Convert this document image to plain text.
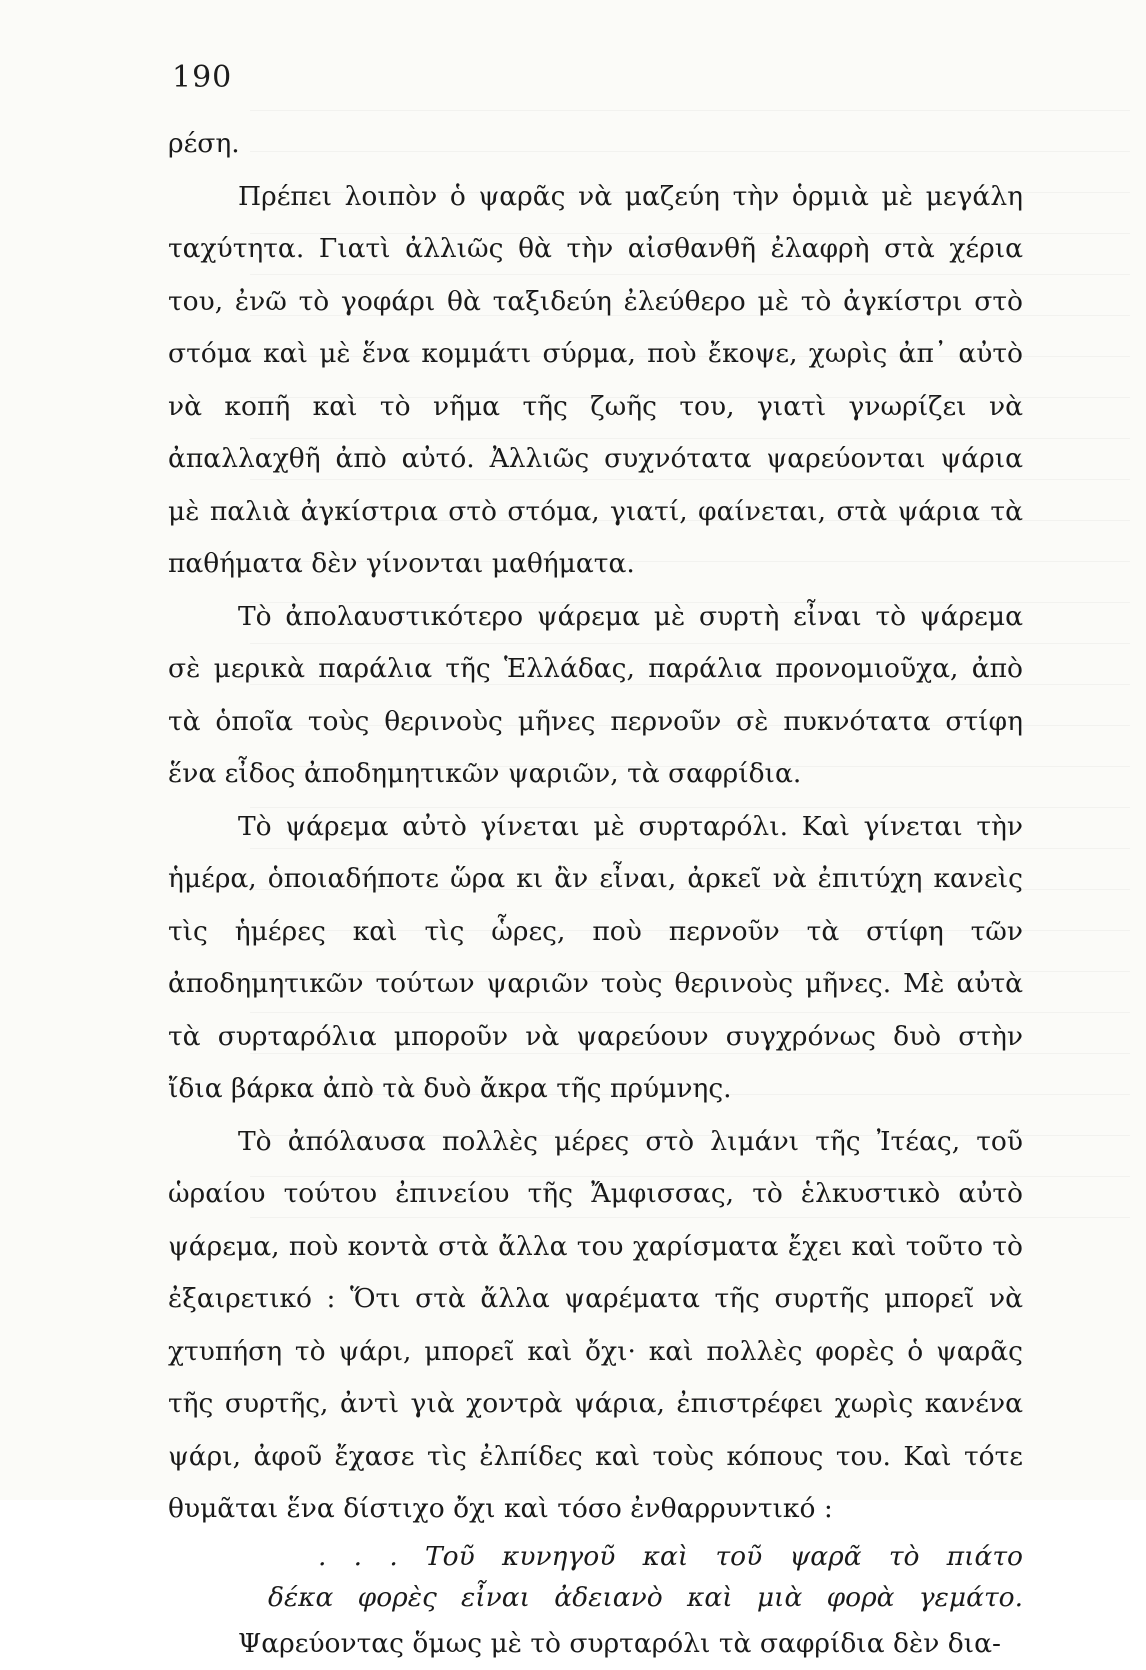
190

ρέση.

Πρέπει λοιπὸν ὁ ψαρᾶς νὰ μαζεύη τὴν ὁρμιὰ μὲ μεγάλη ταχύτητα. Γιατὶ ἀλλιῶς θὰ τὴν αἰσθανθῆ ἐλαφρὴ στὰ χέρια του, ἐνῶ τὸ γοφάρι θὰ ταξιδεύη ἐλεύθερο μὲ τὸ ἀγκίστρι στὸ στόμα καὶ μὲ ἕνα κομμάτι σύρμα, ποὺ ἔκοψε, χωρὶς ἀπ᾽ αὐτὸ νὰ κοπῆ καὶ τὸ νῆμα τῆς ζωῆς του, γιατὶ γνωρίζει νὰ ἀπαλλαχθῆ ἀπὸ αὐτό. Ἀλλιῶς συχνότατα ψαρεύονται ψάρια μὲ παλιὰ ἀγκίστρια στὸ στόμα, γιατί, φαίνεται, στὰ ψάρια τὰ παθήματα δὲν γίνονται μαθήματα.

Τὸ ἀπολαυστικότερο ψάρεμα μὲ συρτὴ εἶναι τὸ ψάρεμα σὲ μερικὰ παράλια τῆς Ἑλλάδας, παράλια προνομιοῦχα, ἀπὸ τὰ ὁποῖα τοὺς θερινοὺς μῆνες περνοῦν σὲ πυκνότατα στίφη ἕνα εἶδος ἀποδημητικῶν ψαριῶν, τὰ σαφρίδια.

Τὸ ψάρεμα αὐτὸ γίνεται μὲ συρταρόλι. Καὶ γίνεται τὴν ἡμέρα, ὁποιαδήποτε ὥρα κι ἂν εἶναι, ἀρκεῖ νὰ ἐπιτύχη κανεὶς τὶς ἡμέρες καὶ τὶς ὧρες, ποὺ περνοῦν τὰ στίφη τῶν ἀποδημητικῶν τούτων ψαριῶν τοὺς θερινοὺς μῆνες. Μὲ αὐτὰ τὰ συρταρόλια μποροῦν νὰ ψαρεύουν συγχρόνως δυὸ στὴν ἴδια βάρκα ἀπὸ τὰ δυὸ ἄκρα τῆς πρύμνης.

Τὸ ἀπόλαυσα πολλὲς μέρες στὸ λιμάνι τῆς Ἰτέας, τοῦ ὡραίου τούτου ἐπινείου τῆς Ἄμφισσας, τὸ ἑλκυστικὸ αὐτὸ ψάρεμα, ποὺ κοντὰ στὰ ἄλλα του χαρίσματα ἔχει καὶ τοῦτο τὸ ἐξαιρετικό : Ὅτι στὰ ἄλλα ψαρέματα τῆς συρτῆς μπορεῖ νὰ χτυπήση τὸ ψάρι, μπορεῖ καὶ ὄχι· καὶ πολλὲς φορὲς ὁ ψαρᾶς τῆς συρτῆς, ἀντὶ γιὰ χοντρὰ ψάρια, ἐπιστρέφει χωρὶς κανένα ψάρι, ἀφοῦ ἔχασε τὶς ἐλπίδες καὶ τοὺς κόπους του. Καὶ τότε θυμᾶται ἕνα δίστιχο ὄχι καὶ τόσο ἐνθαρρυντικό :

. . . Τοῦ κυνηγοῦ καὶ τοῦ ψαρᾶ τὸ πιάτο

δέκα φορὲς εἶναι ἀδειανὸ καὶ μιὰ φορὰ γεμάτο.

Ψαρεύοντας ὅμως μὲ τὸ συρταρόλι τὰ σαφρίδια δὲν δια-
